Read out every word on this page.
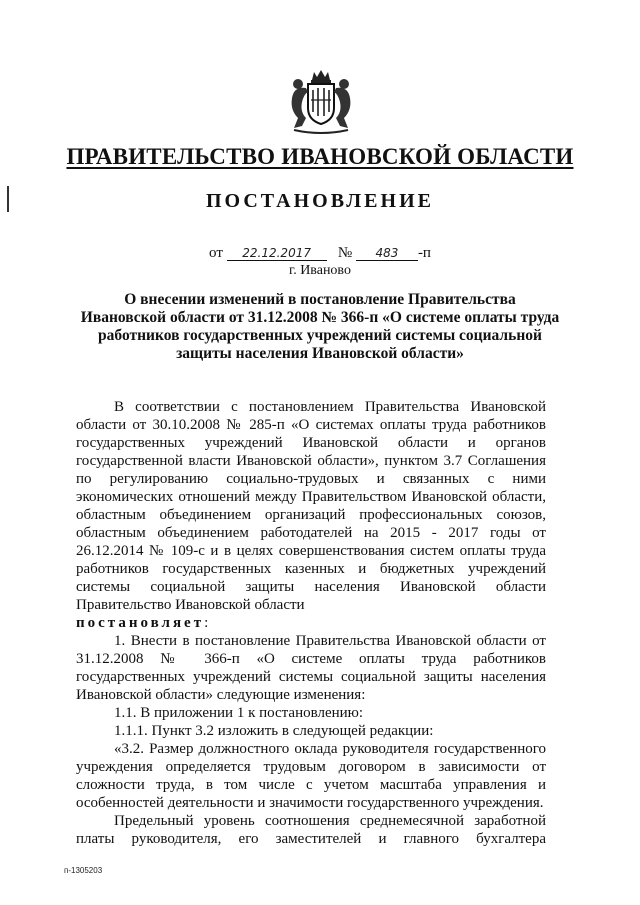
ПРАВИТЕЛЬСТВО ИВАНОВСКОЙ ОБЛАСТИ
ПОСТАНОВЛЕНИЕ
от 22.12.2017 № 483 -п
г. Иваново
О внесении изменений в постановление Правительства
Ивановской области от 31.12.2008 № 366-п «О системе оплаты труда
работников государственных учреждений системы социальной
защиты населения Ивановской области»

В соответствии с постановлением Правительства Ивановской области от 30.10.2008 № 285-п «О системах оплаты труда работников государственных учреждений Ивановской области и органов государственной власти Ивановской области», пунктом 3.7 Соглашения по регулированию социально-трудовых и связанных с ними экономических отношений между Правительством Ивановской области, областным объединением организаций профессиональных союзов, областным объединением работодателей на 2015 - 2017 годы от 26.12.2014 № 109-с и в целях совершенствования систем оплаты труда работников государственных казенных и бюджетных учреждений системы социальной защиты населения Ивановской области Правительство Ивановской области
постановляет:

1. Внести в постановление Правительства Ивановской области от 31.12.2008 № 366-п «О системе оплаты труда работников государственных учреждений системы социальной защиты населения Ивановской области» следующие изменения:

1.1. В приложении 1 к постановлению:

1.1.1. Пункт 3.2 изложить в следующей редакции:

«3.2. Размер должностного оклада руководителя государственного учреждения определяется трудовым договором в зависимости от сложности труда, в том числе с учетом масштаба управления и особенностей деятельности и значимости государственного учреждения.

Предельный уровень соотношения среднемесячной заработной платы руководителя, его заместителей и главного бухгалтера

п-1305203
